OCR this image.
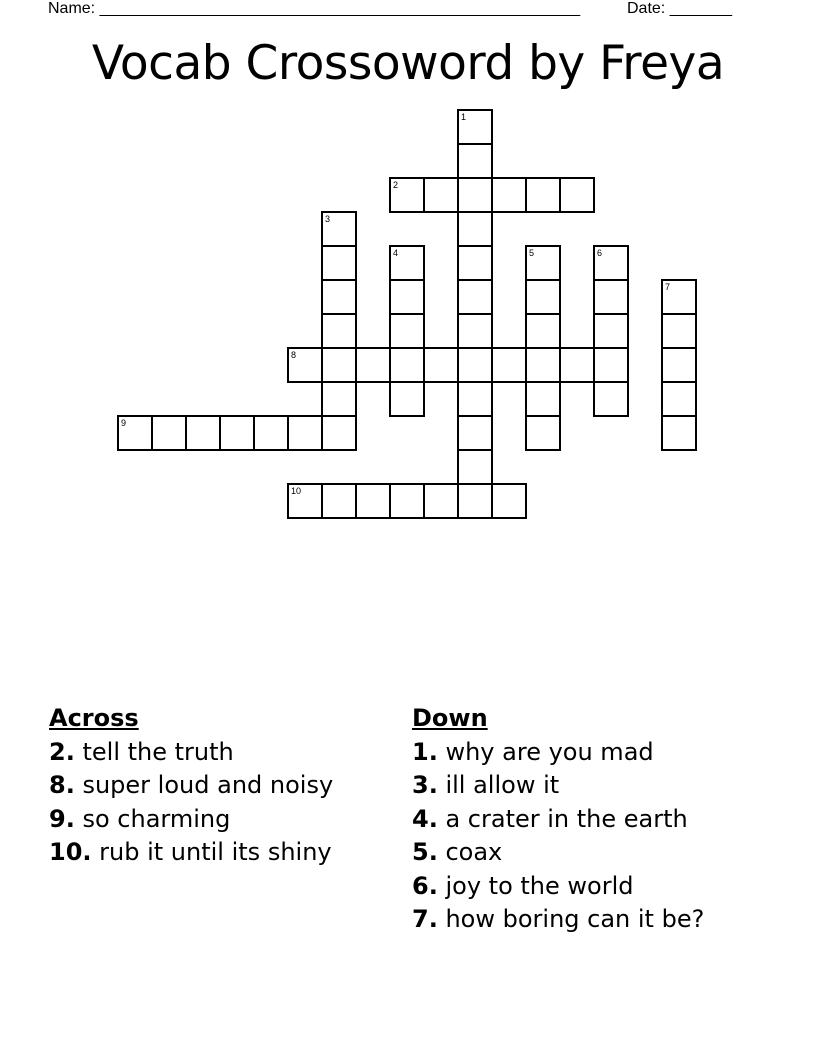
Name: ______________________________________________________	Date: _______
Vocab Crossoword by Freya
1
2
3
4	5	6
7
8
9
10
Across
2. tell the truth
8. super loud and noisy
9. so charming
10. rub it until its shiny
Down
1. why are you mad
3. ill allow it
4. a crater in the earth
5. coax
6. joy to the world
7. how boring can it be?
